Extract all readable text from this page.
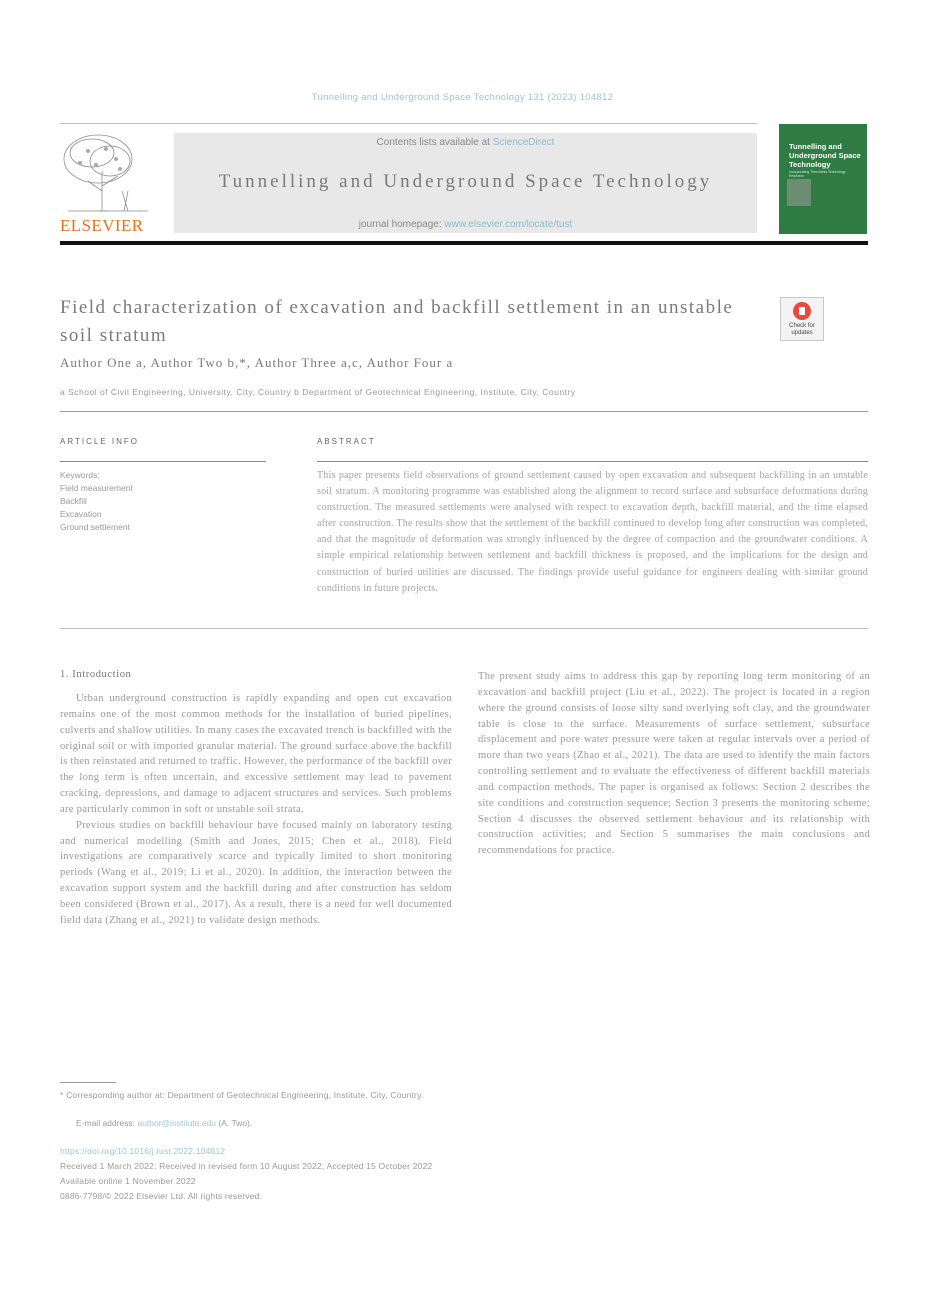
Tunnelling and Underground Space Technology 131 (2023) 104812
ELSEVIER
Contents lists available at ScienceDirect
Tunnelling and Underground Space Technology
journal homepage: www.elsevier.com/locate/tust
Tunnelling and Underground Space Technology
incorporating Trenchless Technology Research
Field characterization of excavation and backfill settlement in an unstable soil stratum	Check for updates
Author One a, Author Two b,*, Author Three a,c, Author Four a
a School of Civil Engineering, University, City, Country b Department of Geotechnical Engineering, Institute, City, Country
ARTICLE INFO
Keywords:
Field measurement
Backfill
Excavation
Ground settlement
ABSTRACT
This paper presents field observations of ground settlement caused by open excavation and subsequent backfilling in an unstable soil stratum. A monitoring programme was established along the alignment to record surface and subsurface deformations during construction. The measured settlements were analysed with respect to excavation depth, backfill material, and the time elapsed after construction. The results show that the settlement of the backfill continued to develop long after construction was completed, and that the magnitude of deformation was strongly influenced by the degree of compaction and the groundwater conditions. A simple empirical relationship between settlement and backfill thickness is proposed, and the implications for the design and construction of buried utilities are discussed. The findings provide useful guidance for engineers dealing with similar ground conditions in future projects.
1. Introduction

Urban underground construction is rapidly expanding and open cut excavation remains one of the most common methods for the installation of buried pipelines, culverts and shallow utilities. In many cases the excavated trench is backfilled with the original soil or with imported granular material. The ground surface above the backfill is then reinstated and returned to traffic. However, the performance of the backfill over the long term is often uncertain, and excessive settlement may lead to pavement cracking, depressions, and damage to adjacent structures and services. Such problems are particularly common in soft or unstable soil strata.

Previous studies on backfill behaviour have focused mainly on laboratory testing and numerical modelling (Smith and Jones, 2015; Chen et al., 2018). Field investigations are comparatively scarce and typically limited to short monitoring periods (Wang et al., 2019; Li et al., 2020). In addition, the interaction between the excavation support system and the backfill during and after construction has seldom been considered (Brown et al., 2017). As a result, there is a need for well documented field data (Zhang et al., 2021) to validate design methods.

The present study aims to address this gap by reporting long term monitoring of an excavation and backfill project (Liu et al., 2022). The project is located in a region where the ground consists of loose silty sand overlying soft clay, and the groundwater table is close to the surface. Measurements of surface settlement, subsurface displacement and pore water pressure were taken at regular intervals over a period of more than two years (Zhao et al., 2021). The data are used to identify the main factors controlling settlement and to evaluate the effectiveness of different backfill materials and compaction methods. The paper is organised as follows: Section 2 describes the site conditions and construction sequence; Section 3 presents the monitoring scheme; Section 4 discusses the observed settlement behaviour and its relationship with construction activities; and Section 5 summarises the main conclusions and recommendations for practice.

* Corresponding author at: Department of Geotechnical Engineering, Institute, City, Country.
E-mail address: author@institute.edu (A. Two).
https://doi.org/10.1016/j.tust.2022.104812
Received 1 March 2022; Received in revised form 10 August 2022; Accepted 15 October 2022
Available online 1 November 2022
0886-7798/© 2022 Elsevier Ltd. All rights reserved.
